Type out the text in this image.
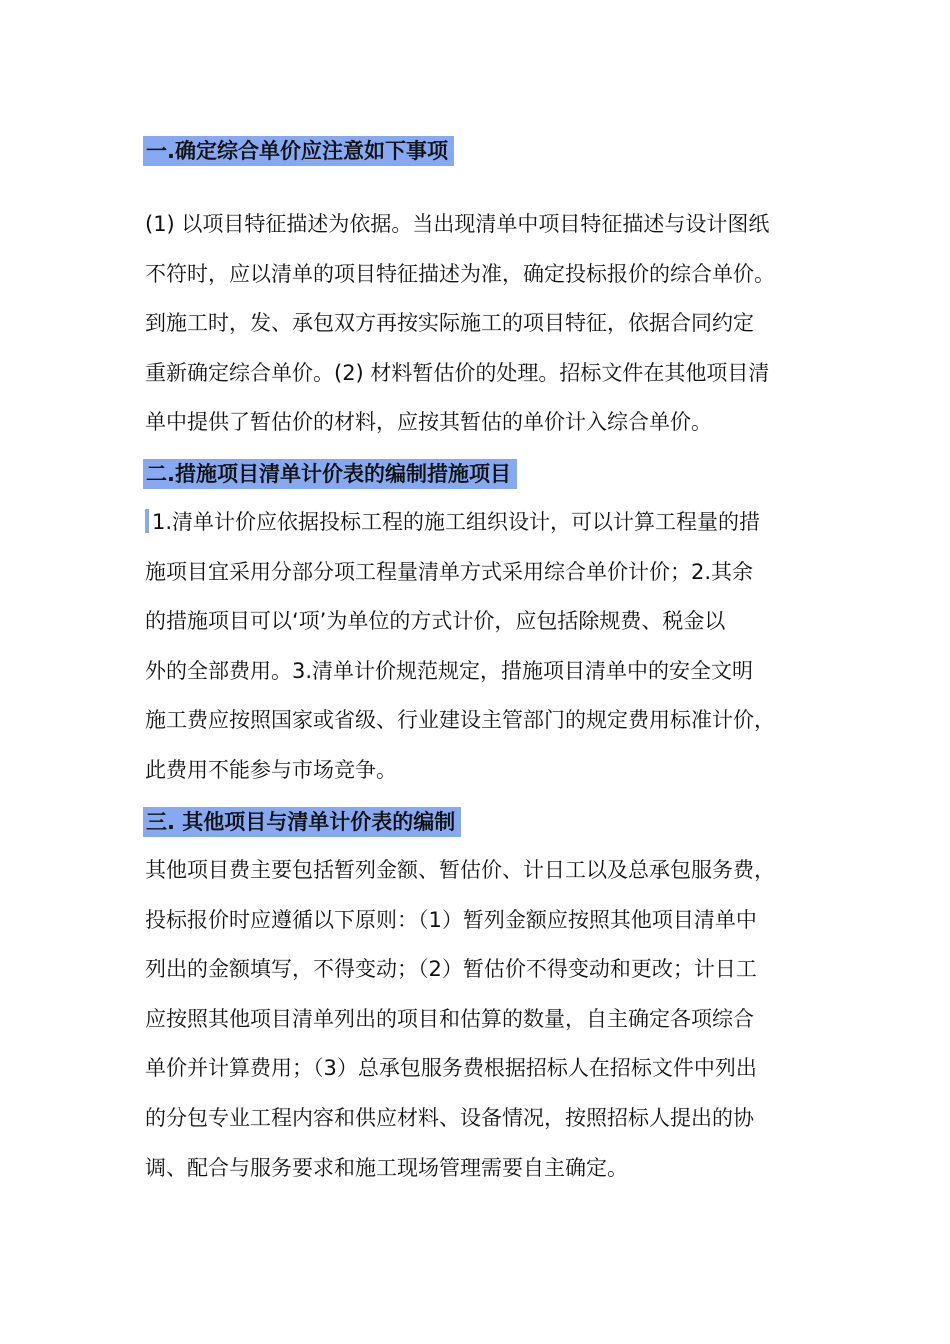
一.确定综合单价应注意如下事项
(1) 以项目特征描述为依据。当出现清单中项目特征描述与设计图纸
不符时，应以清单的项目特征描述为准，确定投标报价的综合单价。
到施工时，发、承包双方再按实际施工的项目特征，依据合同约定
重新确定综合单价。(2) 材料暂估价的处理。招标文件在其他项目清
单中提供了暂估价的材料，应按其暂估的单价计入综合单价。
二.措施项目清单计价表的编制措施项目
1.清单计价应依据投标工程的施工组织设计，可以计算工程量的措
施项目宜采用分部分项工程量清单方式采用综合单价计价；2.其余
的措施项目可以‘项’为单位的方式计价，应包括除规费、税金以
外的全部费用。3.清单计价规范规定，措施项目清单中的安全文明
施工费应按照国家或省级、行业建设主管部门的规定费用标准计价，
此费用不能参与市场竞争。
三. 其他项目与清单计价表的编制
其他项目费主要包括暂列金额、暂估价、计日工以及总承包服务费，
投标报价时应遵循以下原则：（1）暂列金额应按照其他项目清单中
列出的金额填写，不得变动；（2）暂估价不得变动和更改；计日工
应按照其他项目清单列出的项目和估算的数量，自主确定各项综合
单价并计算费用；（3）总承包服务费根据招标人在招标文件中列出
的分包专业工程内容和供应材料、设备情况，按照招标人提出的协
调、配合与服务要求和施工现场管理需要自主确定。
